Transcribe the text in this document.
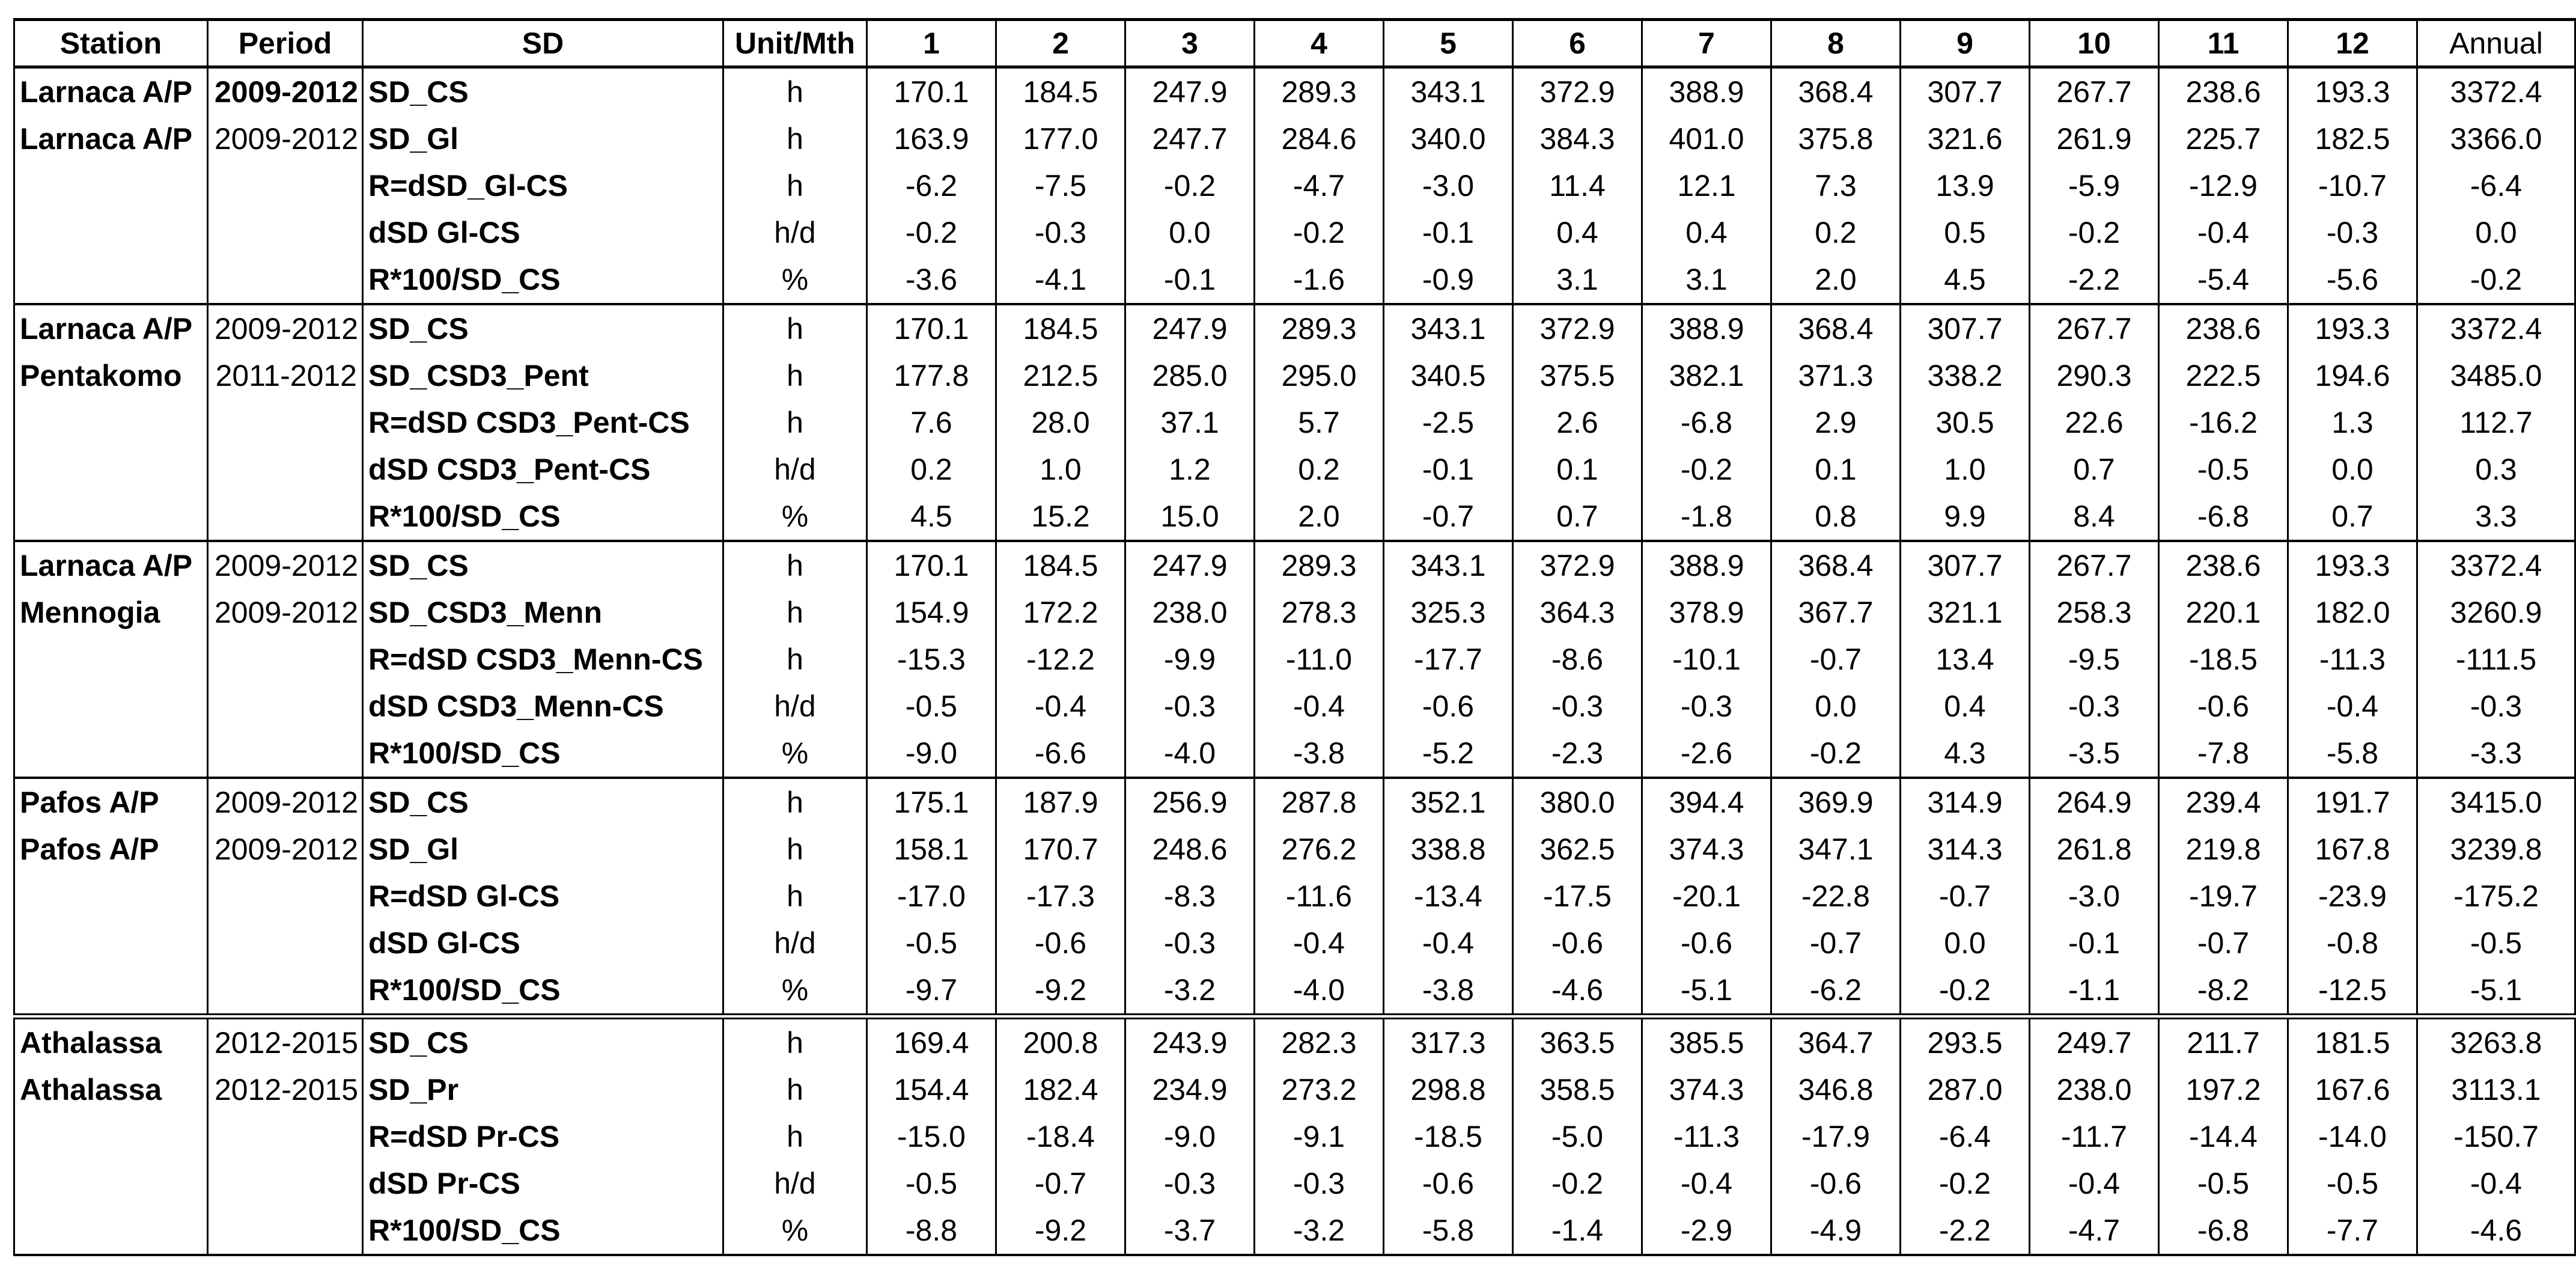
Station	Period	SD	Unit/Mth	1	2	3	4	5	6	7	8	9	10	11	12	Annual
Larnaca A/P	2009-2012	SD_CS	h	170.1	184.5	247.9	289.3	343.1	372.9	388.9	368.4	307.7	267.7	238.6	193.3	3372.4
Larnaca A/P	2009-2012	SD_Gl	h	163.9	177.0	247.7	284.6	340.0	384.3	401.0	375.8	321.6	261.9	225.7	182.5	3366.0
		R=dSD_Gl-CS	h	-6.2	-7.5	-0.2	-4.7	-3.0	11.4	12.1	7.3	13.9	-5.9	-12.9	-10.7	-6.4
		dSD Gl-CS	h/d	-0.2	-0.3	0.0	-0.2	-0.1	0.4	0.4	0.2	0.5	-0.2	-0.4	-0.3	0.0
		R*100/SD_CS	%	-3.6	-4.1	-0.1	-1.6	-0.9	3.1	3.1	2.0	4.5	-2.2	-5.4	-5.6	-0.2
Larnaca A/P	2009-2012	SD_CS	h	170.1	184.5	247.9	289.3	343.1	372.9	388.9	368.4	307.7	267.7	238.6	193.3	3372.4
Pentakomo	2011-2012	SD_CSD3_Pent	h	177.8	212.5	285.0	295.0	340.5	375.5	382.1	371.3	338.2	290.3	222.5	194.6	3485.0
		R=dSD CSD3_Pent-CS	h	7.6	28.0	37.1	5.7	-2.5	2.6	-6.8	2.9	30.5	22.6	-16.2	1.3	112.7
		dSD CSD3_Pent-CS	h/d	0.2	1.0	1.2	0.2	-0.1	0.1	-0.2	0.1	1.0	0.7	-0.5	0.0	0.3
		R*100/SD_CS	%	4.5	15.2	15.0	2.0	-0.7	0.7	-1.8	0.8	9.9	8.4	-6.8	0.7	3.3
Larnaca A/P	2009-2012	SD_CS	h	170.1	184.5	247.9	289.3	343.1	372.9	388.9	368.4	307.7	267.7	238.6	193.3	3372.4
Mennogia	2009-2012	SD_CSD3_Menn	h	154.9	172.2	238.0	278.3	325.3	364.3	378.9	367.7	321.1	258.3	220.1	182.0	3260.9
		R=dSD CSD3_Menn-CS	h	-15.3	-12.2	-9.9	-11.0	-17.7	-8.6	-10.1	-0.7	13.4	-9.5	-18.5	-11.3	-111.5
		dSD CSD3_Menn-CS	h/d	-0.5	-0.4	-0.3	-0.4	-0.6	-0.3	-0.3	0.0	0.4	-0.3	-0.6	-0.4	-0.3
		R*100/SD_CS	%	-9.0	-6.6	-4.0	-3.8	-5.2	-2.3	-2.6	-0.2	4.3	-3.5	-7.8	-5.8	-3.3
Pafos A/P	2009-2012	SD_CS	h	175.1	187.9	256.9	287.8	352.1	380.0	394.4	369.9	314.9	264.9	239.4	191.7	3415.0
Pafos A/P	2009-2012	SD_Gl	h	158.1	170.7	248.6	276.2	338.8	362.5	374.3	347.1	314.3	261.8	219.8	167.8	3239.8
		R=dSD Gl-CS	h	-17.0	-17.3	-8.3	-11.6	-13.4	-17.5	-20.1	-22.8	-0.7	-3.0	-19.7	-23.9	-175.2
		dSD Gl-CS	h/d	-0.5	-0.6	-0.3	-0.4	-0.4	-0.6	-0.6	-0.7	0.0	-0.1	-0.7	-0.8	-0.5
		R*100/SD_CS	%	-9.7	-9.2	-3.2	-4.0	-3.8	-4.6	-5.1	-6.2	-0.2	-1.1	-8.2	-12.5	-5.1
Athalassa	2012-2015	SD_CS	h	169.4	200.8	243.9	282.3	317.3	363.5	385.5	364.7	293.5	249.7	211.7	181.5	3263.8
Athalassa	2012-2015	SD_Pr	h	154.4	182.4	234.9	273.2	298.8	358.5	374.3	346.8	287.0	238.0	197.2	167.6	3113.1
		R=dSD Pr-CS	h	-15.0	-18.4	-9.0	-9.1	-18.5	-5.0	-11.3	-17.9	-6.4	-11.7	-14.4	-14.0	-150.7
		dSD Pr-CS	h/d	-0.5	-0.7	-0.3	-0.3	-0.6	-0.2	-0.4	-0.6	-0.2	-0.4	-0.5	-0.5	-0.4
		R*100/SD_CS	%	-8.8	-9.2	-3.7	-3.2	-5.8	-1.4	-2.9	-4.9	-2.2	-4.7	-6.8	-7.7	-4.6
